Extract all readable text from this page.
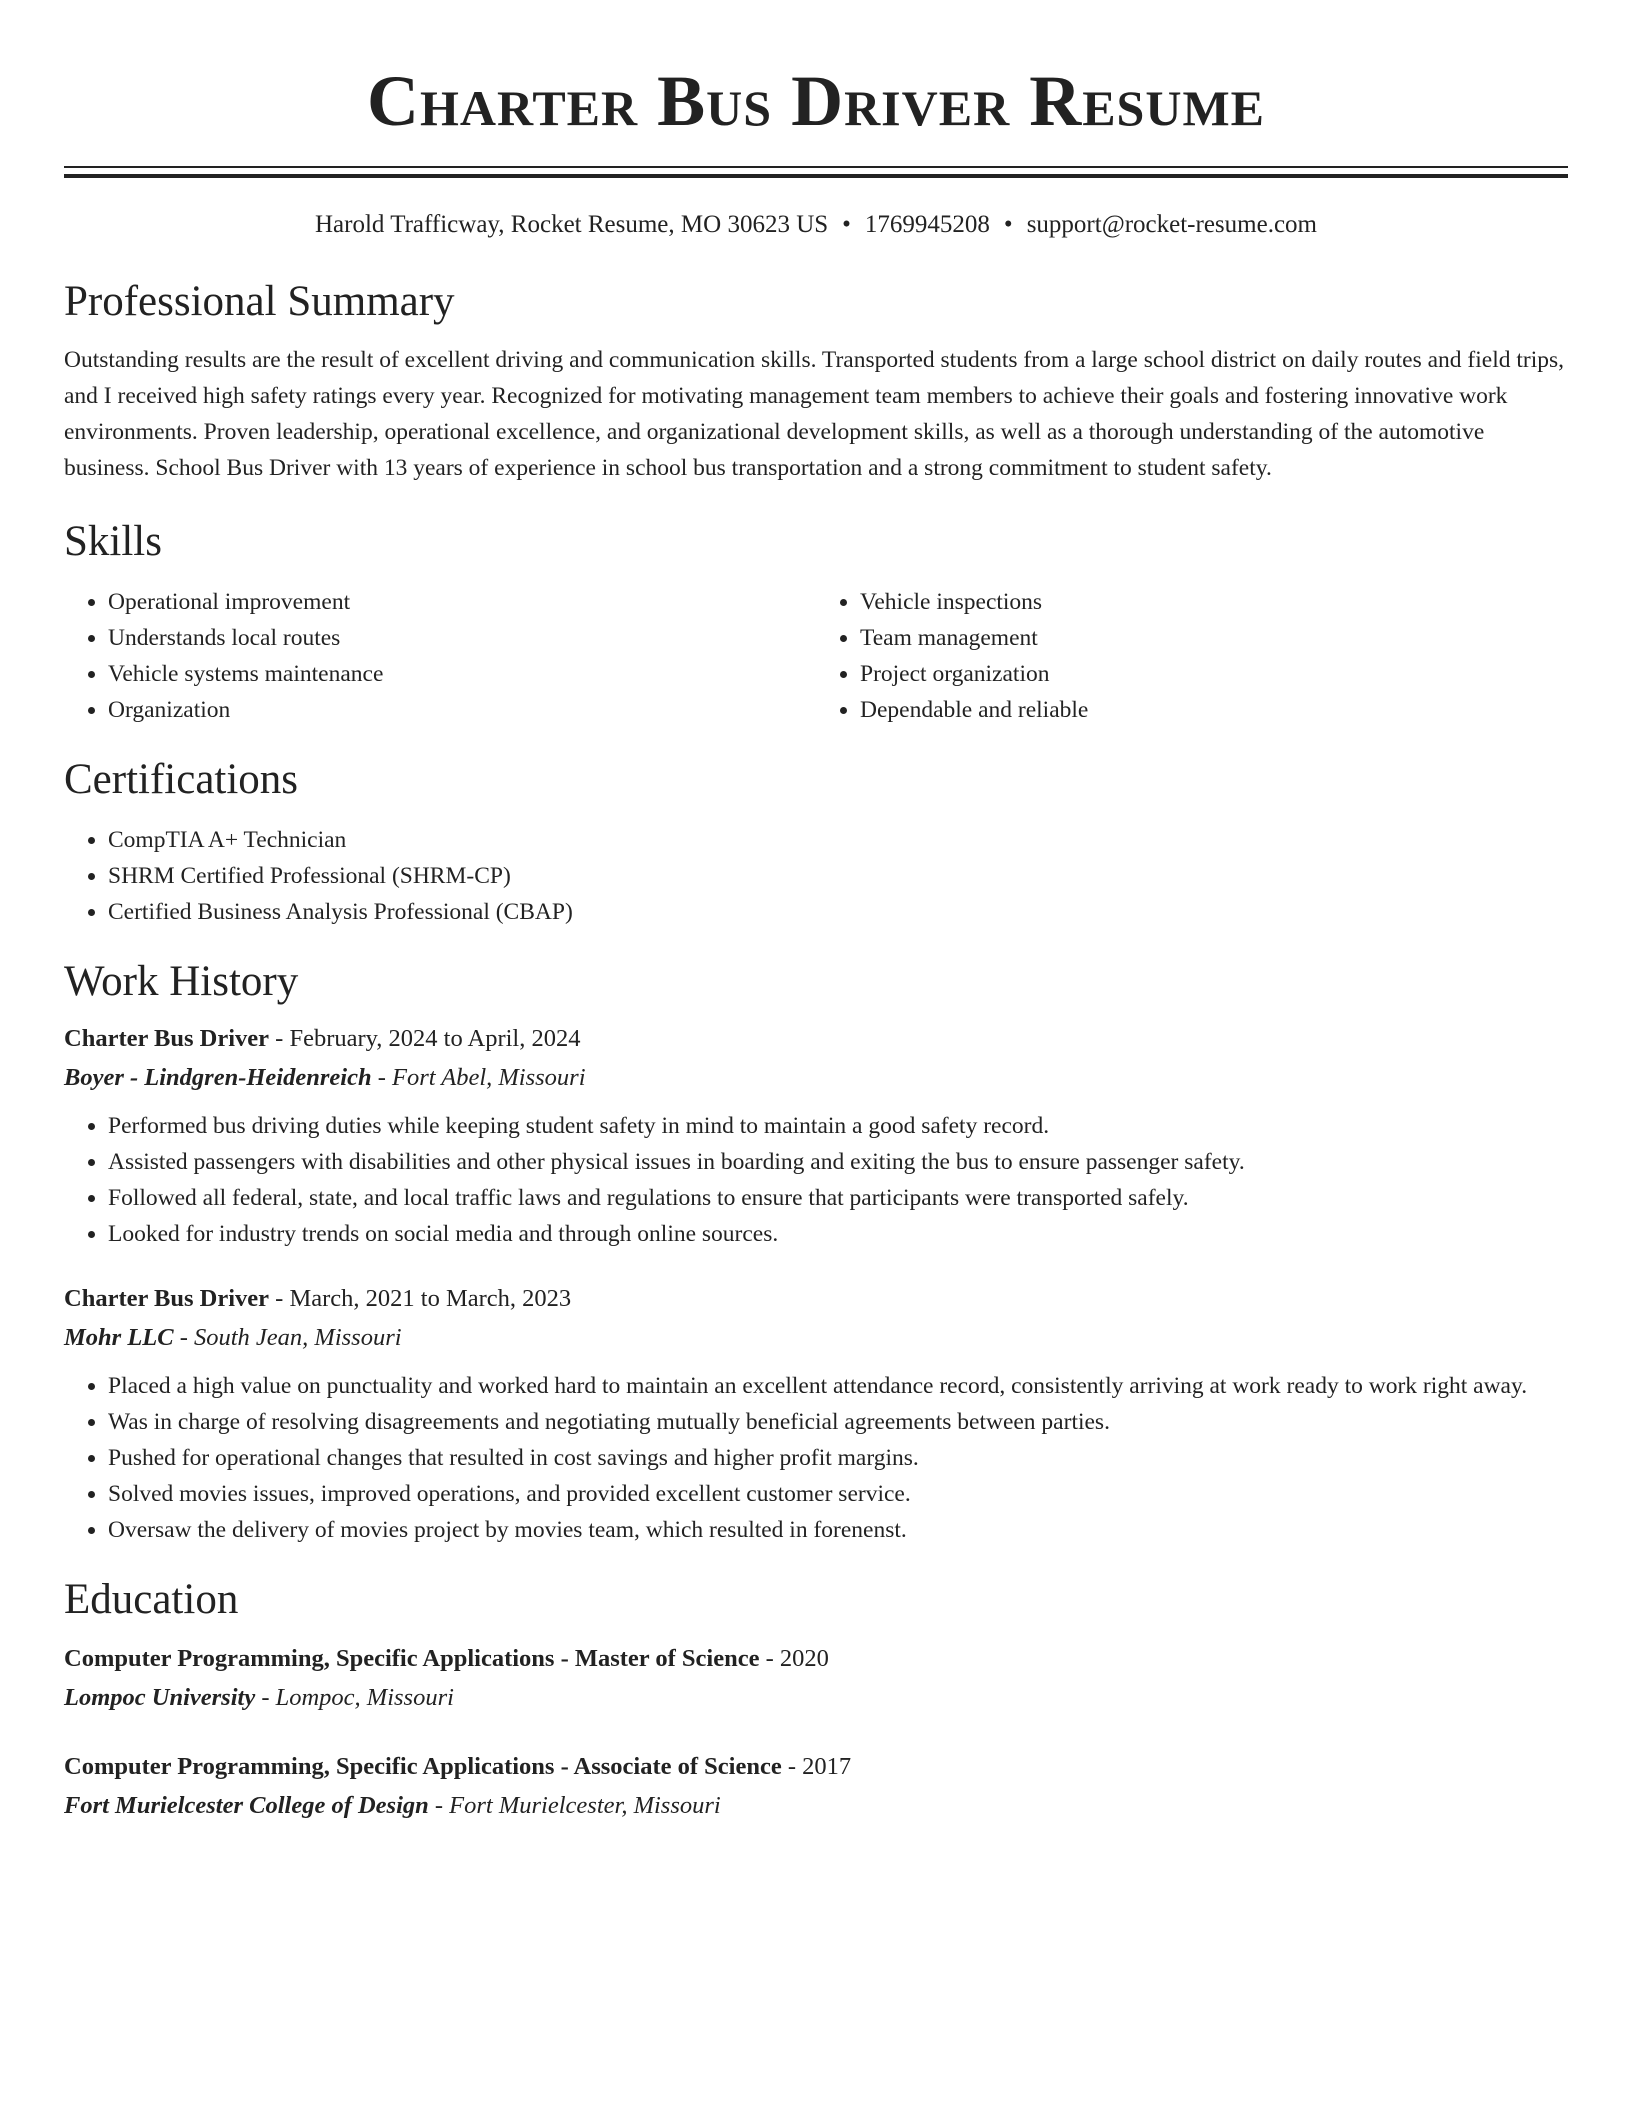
Charter Bus Driver Resume
Harold Trafficway, Rocket Resume, MO 30623 US • 1769945208 • support@rocket-resume.com
Professional Summary

Outstanding results are the result of excellent driving and communication skills. Transported students from a large school district on daily routes and field trips, and I received high safety ratings every year. Recognized for motivating management team members to achieve their goals and fostering innovative work environments. Proven leadership, operational excellence, and organizational development skills, as well as a thorough understanding of the automotive business. School Bus Driver with 13 years of experience in school bus transportation and a strong commitment to student safety.

Skills
• Operational improvement
• Understands local routes
• Vehicle systems maintenance
• Organization
• Vehicle inspections
• Team management
• Project organization
• Dependable and reliable
Certifications
• CompTIA A+ Technician
• SHRM Certified Professional (SHRM-CP)
• Certified Business Analysis Professional (CBAP)
Work History

Charter Bus Driver - February, 2024 to April, 2024

Boyer - Lindgren-Heidenreich - Fort Abel, Missouri

• Performed bus driving duties while keeping student safety in mind to maintain a good safety record.
• Assisted passengers with disabilities and other physical issues in boarding and exiting the bus to ensure passenger safety.
• Followed all federal, state, and local traffic laws and regulations to ensure that participants were transported safely.
• Looked for industry trends on social media and through online sources.

Charter Bus Driver - March, 2021 to March, 2023

Mohr LLC - South Jean, Missouri

• Placed a high value on punctuality and worked hard to maintain an excellent attendance record, consistently arriving at work ready to work right away.
• Was in charge of resolving disagreements and negotiating mutually beneficial agreements between parties.
• Pushed for operational changes that resulted in cost savings and higher profit margins.
• Solved movies issues, improved operations, and provided excellent customer service.
• Oversaw the delivery of movies project by movies team, which resulted in forenenst.
Education

Computer Programming, Specific Applications - Master of Science - 2020

Lompoc University - Lompoc, Missouri

Computer Programming, Specific Applications - Associate of Science - 2017

Fort Murielcester College of Design - Fort Murielcester, Missouri
